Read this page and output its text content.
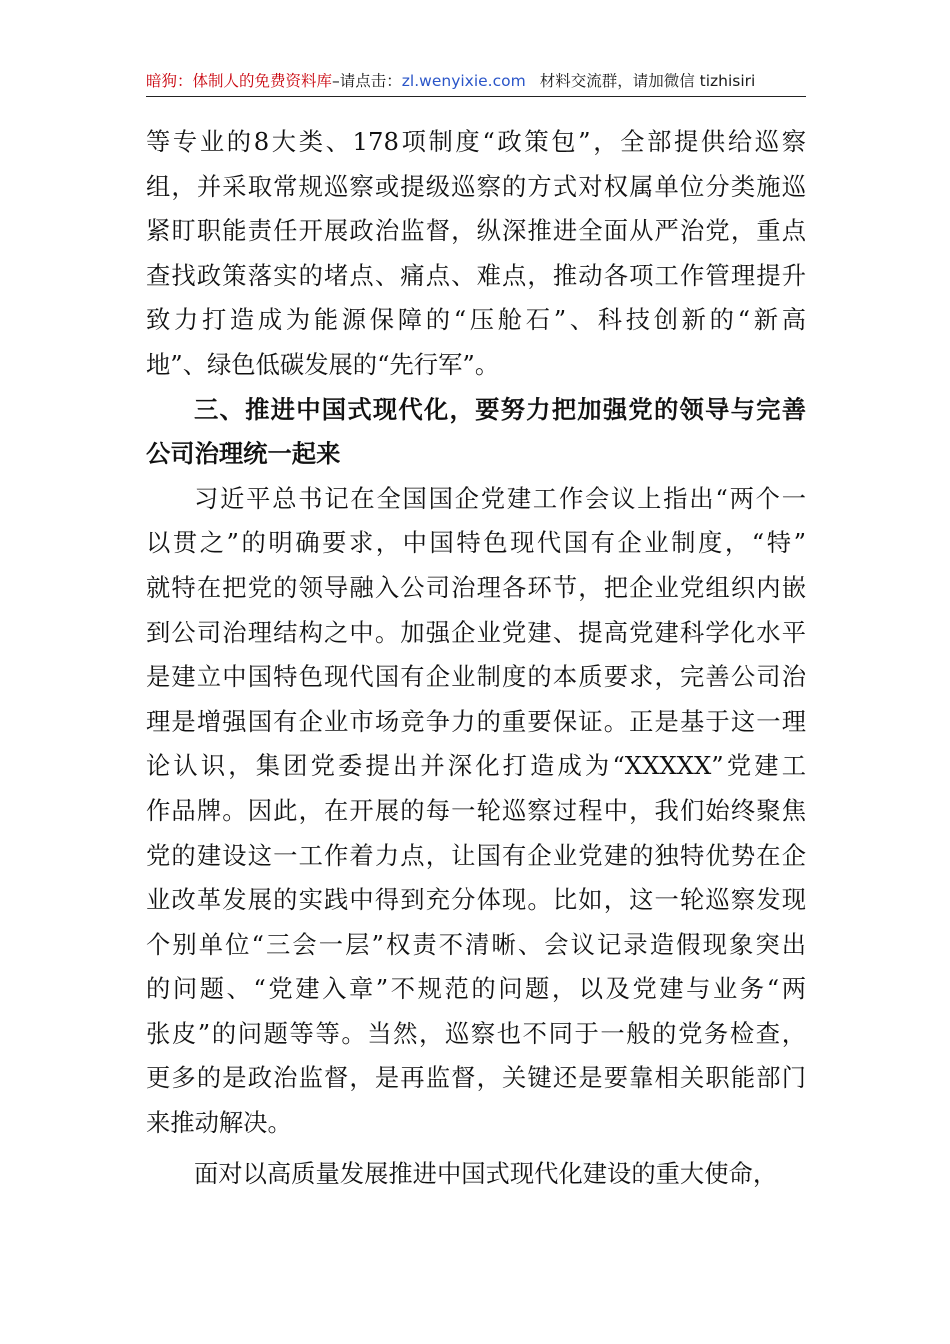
暗狗：体制人的免费资料库–请点击：zl.wenyixie.com 材料交流群，请加微信 tizhisiri
等专业的8大类、178项制度“政策包”，全部提供给巡察
组，并采取常规巡察或提级巡察的方式对权属单位分类施巡
紧盯职能责任开展政治监督，纵深推进全面从严治党，重点
查找政策落实的堵点、痛点、难点，推动各项工作管理提升
致力打造成为能源保障的“压舱石”、科技创新的“新高
地”、绿色低碳发展的“先行军”。
三、推进中国式现代化，要努力把加强党的领导与完善
公司治理统一起来
习近平总书记在全国国企党建工作会议上指出“两个一
以贯之”的明确要求，中国特色现代国有企业制度，“特”
就特在把党的领导融入公司治理各环节，把企业党组织内嵌
到公司治理结构之中。加强企业党建、提高党建科学化水平
是建立中国特色现代国有企业制度的本质要求，完善公司治
理是增强国有企业市场竞争力的重要保证。正是基于这一理
论认识，集团党委提出并深化打造成为“XXXXX”党建工
作品牌。因此，在开展的每一轮巡察过程中，我们始终聚焦
党的建设这一工作着力点，让国有企业党建的独特优势在企
业改革发展的实践中得到充分体现。比如，这一轮巡察发现
个别单位“三会一层”权责不清晰、会议记录造假现象突出
的问题、“党建入章”不规范的问题，以及党建与业务“两
张皮”的问题等等。当然，巡察也不同于一般的党务检查，
更多的是政治监督，是再监督，关键还是要靠相关职能部门
来推动解决。
面对以高质量发展推进中国式现代化建设的重大使命，
